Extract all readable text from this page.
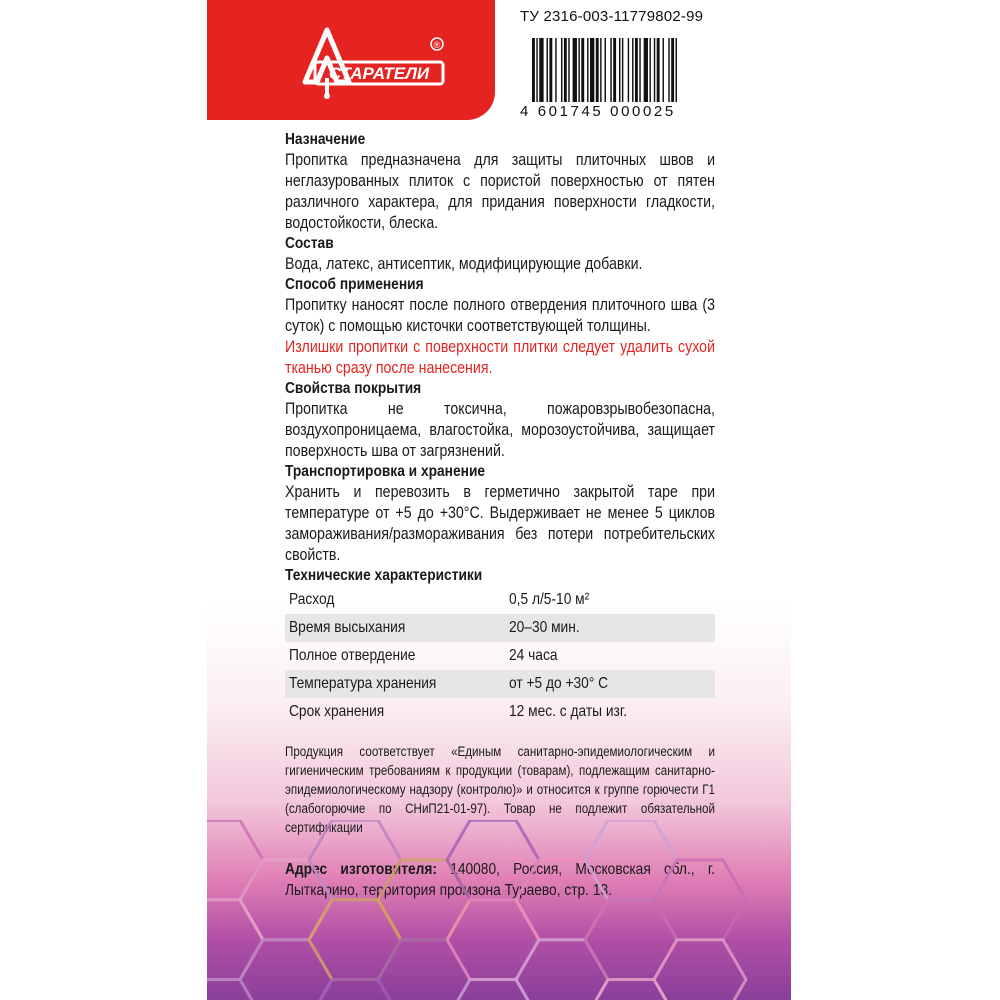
СТАРАТЕЛИ
®
ТУ 2316-003-11779802-99
4 601745 000025
Назначение

Пропитка предназначена для защиты плиточных швов и неглазурованных плиток с пористой поверхностью от пятен различного характера, для придания поверхности гладкости, водостойкости, блеска.

Состав

Вода, латекс, антисептик, модифицирующие добавки.

Способ применения

Пропитку наносят после полного отвердения плиточного шва (3 суток) с помощью кисточки соответствующей толщины.

Излишки пропитки с поверхности плитки следует удалить сухой тканью сразу после нанесения.

Свойства покрытия

Пропитка не токсична, пожаровзрывобезопасна, воздухопроницаема, влагостойка, морозоустойчива, защищает поверхность шва от загрязнений.

Транспортировка и хранение

Хранить и перевозить в герметично закрытой таре при температуре от +5 до +30°С. Выдерживает не менее 5 циклов замораживания/размораживания без потери потребительских свойств.

Технические характеристики
Расход	0,5 л/5-10 м²
Время высыхания	20–30 мин.
Полное отвердение	24 часа
Температура хранения	от +5 до +30° С
Срок хранения	12 мес. с даты изг.

Продукция соответствует «Единым санитарно-эпидемиологическим и гигиеническим требованиям к продукции (товарам), подлежащим санитарно-эпидемиологическому надзору (контролю)» и относится к группе горючести Г1 (слабогорючие по СНиП21-01-97). Товар не подлежит обязательной сертификации

Адрес изготовителя: 140080, Россия, Московская обл., г. Лыткарино, территория промзона Тураево, стр. 13.
